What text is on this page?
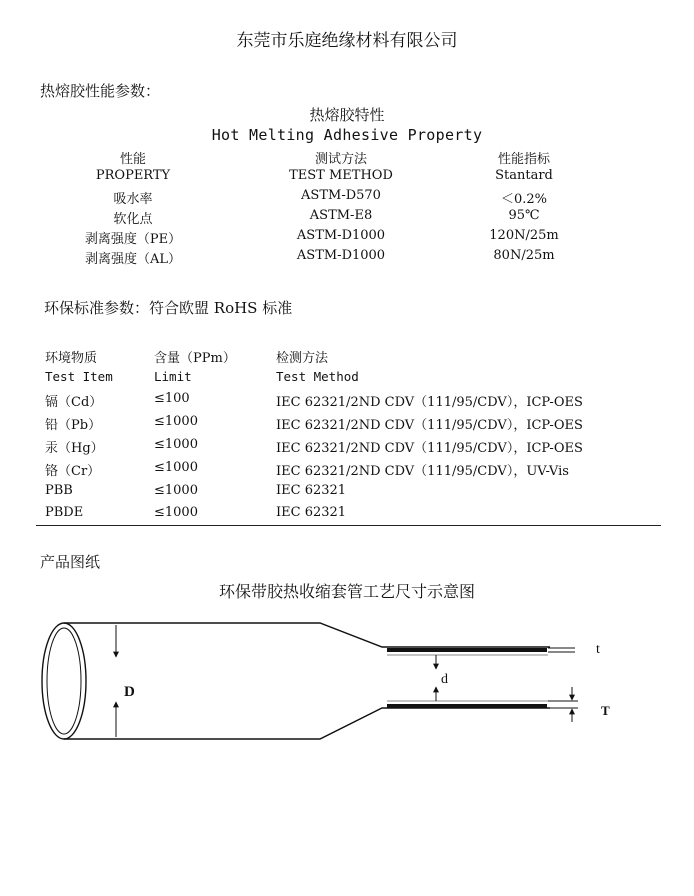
东莞市乐庭绝缘材料有限公司
热熔胶性能参数：
热熔胶特性
Hot Melting Adhesive Property
性能	测试方法	性能指标
PROPERTY	TEST METHOD	Stantard
吸水率	ASTM-D570	＜0.2%
软化点	ASTM-E8	95℃
剥离强度（PE）	ASTM-D1000	120N/25m
剥离强度（AL）	ASTM-D1000	80N/25m
环保标准参数：符合欧盟 RoHS 标准
环境物质	含量（PPm）	检测方法
Test Item	Limit	Test Method
镉（Cd）	≤100	IEC 62321/2ND CDV（111/95/CDV），ICP-OES
铅（Pb）	≤1000	IEC 62321/2ND CDV（111/95/CDV），ICP-OES
汞（Hg）	≤1000	IEC 62321/2ND CDV（111/95/CDV），ICP-OES
铬（Cr）	≤1000	IEC 62321/2ND CDV（111/95/CDV），UV-Vis
PBB	≤1000	IEC 62321
PBDE	≤1000	IEC 62321
产品图纸
环保带胶热收缩套管工艺尺寸示意图
D
d
t
T
